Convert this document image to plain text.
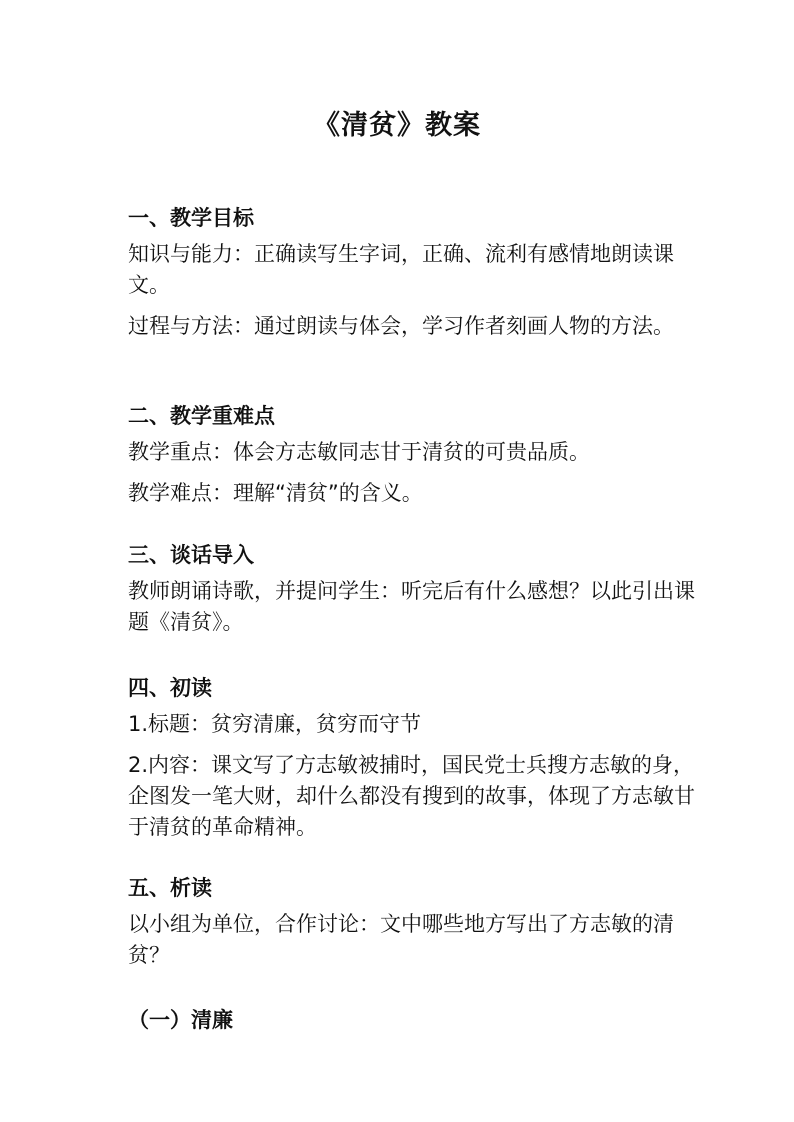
《清贫》教案

一、教学目标

知识与能力：正确读写生字词，正确、流利有感情地朗读课文。

过程与方法：通过朗读与体会，学习作者刻画人物的方法。

二、教学重难点

教学重点：体会方志敏同志甘于清贫的可贵品质。

教学难点：理解“清贫”的含义。

三、谈话导入

教师朗诵诗歌，并提问学生：听完后有什么感想？以此引出课题《清贫》。

四、初读

1.标题：贫穷清廉，贫穷而守节

2.内容：课文写了方志敏被捕时，国民党士兵搜方志敏的身，企图发一笔大财，却什么都没有搜到的故事，体现了方志敏甘于清贫的革命精神。

五、析读

以小组为单位，合作讨论：文中哪些地方写出了方志敏的清贫？

（一）清廉
